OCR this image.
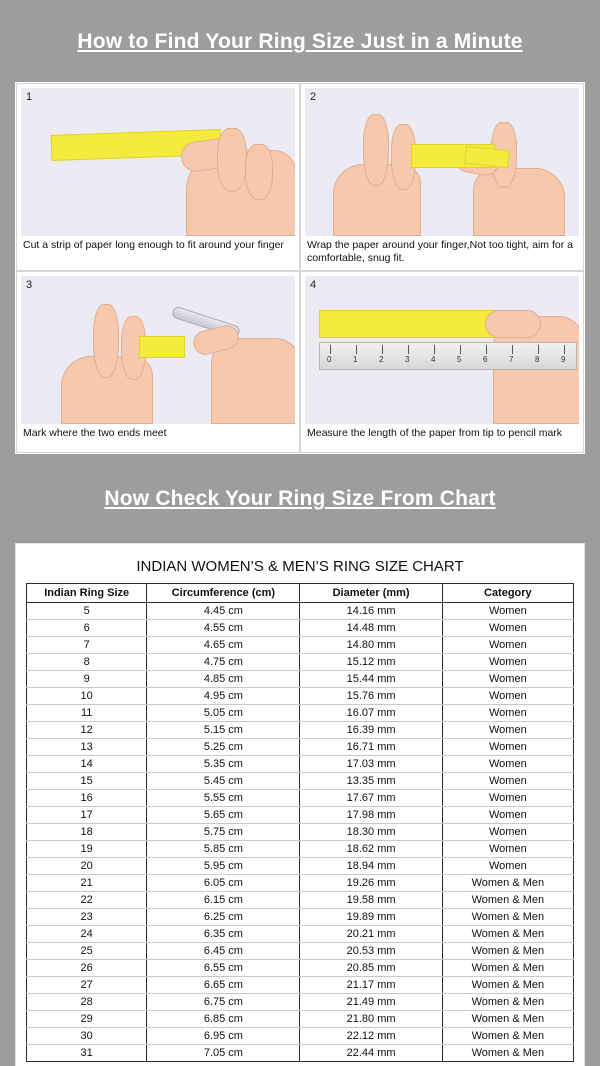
How to Find Your Ring Size Just in a Minute
1
Cut a strip of paper long enough to fit around your finger
2
Wrap the paper around your finger,Not too tight, aim for a comfortable, snug fit.
3
Mark where the two ends meet
4
0	1	2	3	4	5	6	7	8	9
Measure the length of the paper from tip to pencil mark
Now Check Your Ring Size From Chart
INDIAN WOMEN’S & MEN’S RING SIZE CHART
Indian Ring Size	Circumference (cm)	Diameter (mm)	Category
5	4.45 cm	14.16 mm	Women
6	4.55 cm	14.48 mm	Women
7	4.65 cm	14.80 mm	Women
8	4.75 cm	15.12 mm	Women
9	4.85 cm	15.44 mm	Women
10	4.95 cm	15.76 mm	Women
11	5.05 cm	16.07 mm	Women
12	5.15 cm	16.39 mm	Women
13	5.25 cm	16.71 mm	Women
14	5.35 cm	17.03 mm	Women
15	5.45 cm	13.35 mm	Women
16	5.55 cm	17.67 mm	Women
17	5.65 cm	17.98 mm	Women
18	5.75 cm	18.30 mm	Women
19	5.85 cm	18.62 mm	Women
20	5.95 cm	18.94 mm	Women
21	6.05 cm	19.26 mm	Women & Men
22	6.15 cm	19.58 mm	Women & Men
23	6.25 cm	19.89 mm	Women & Men
24	6.35 cm	20.21 mm	Women & Men
25	6.45 cm	20.53 mm	Women & Men
26	6.55 cm	20.85 mm	Women & Men
27	6.65 cm	21.17 mm	Women & Men
28	6.75 cm	21.49 mm	Women & Men
29	6.85 cm	21.80 mm	Women & Men
30	6.95 cm	22.12 mm	Women & Men
31	7.05 cm	22.44 mm	Women & Men
